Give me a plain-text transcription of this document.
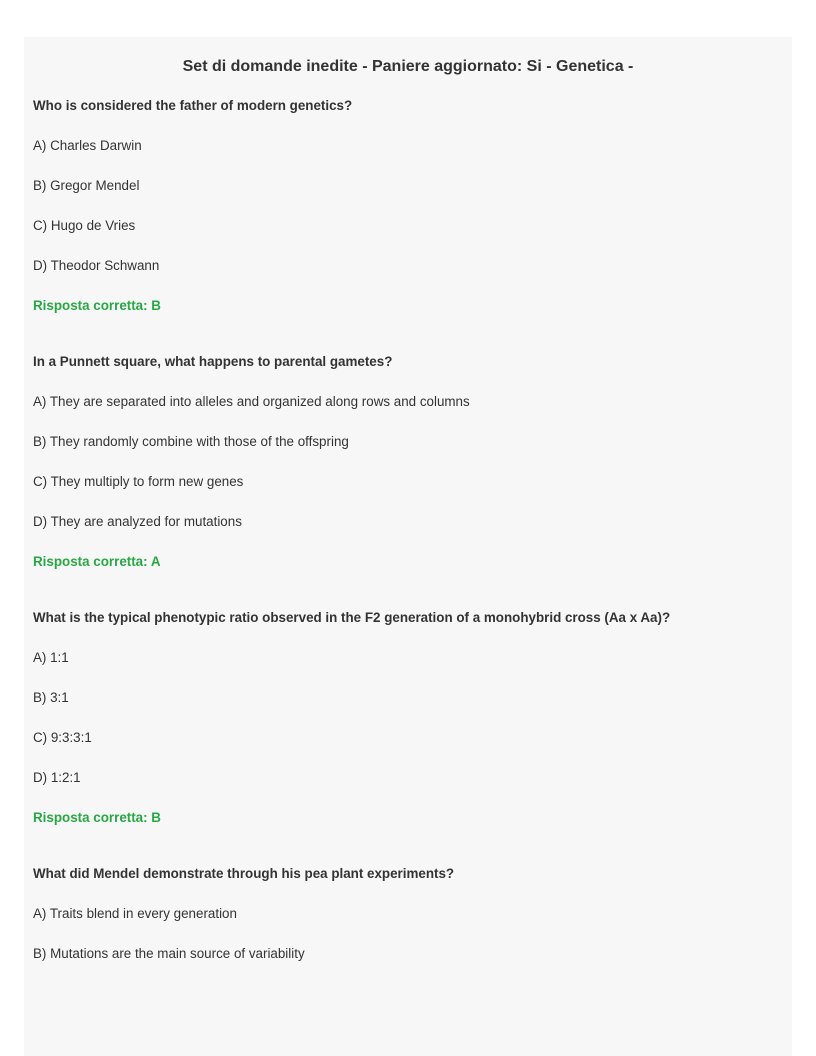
Set di domande inedite - Paniere aggiornato: Si - Genetica -

Who is considered the father of modern genetics?

A) Charles Darwin

B) Gregor Mendel

C) Hugo de Vries

D) Theodor Schwann

Risposta corretta: B

In a Punnett square, what happens to parental gametes?

A) They are separated into alleles and organized along rows and columns

B) They randomly combine with those of the offspring

C) They multiply to form new genes

D) They are analyzed for mutations

Risposta corretta: A

What is the typical phenotypic ratio observed in the F2 generation of a monohybrid cross (Aa x Aa)?

A) 1:1

B) 3:1

C) 9:3:3:1

D) 1:2:1

Risposta corretta: B

What did Mendel demonstrate through his pea plant experiments?

A) Traits blend in every generation

B) Mutations are the main source of variability
